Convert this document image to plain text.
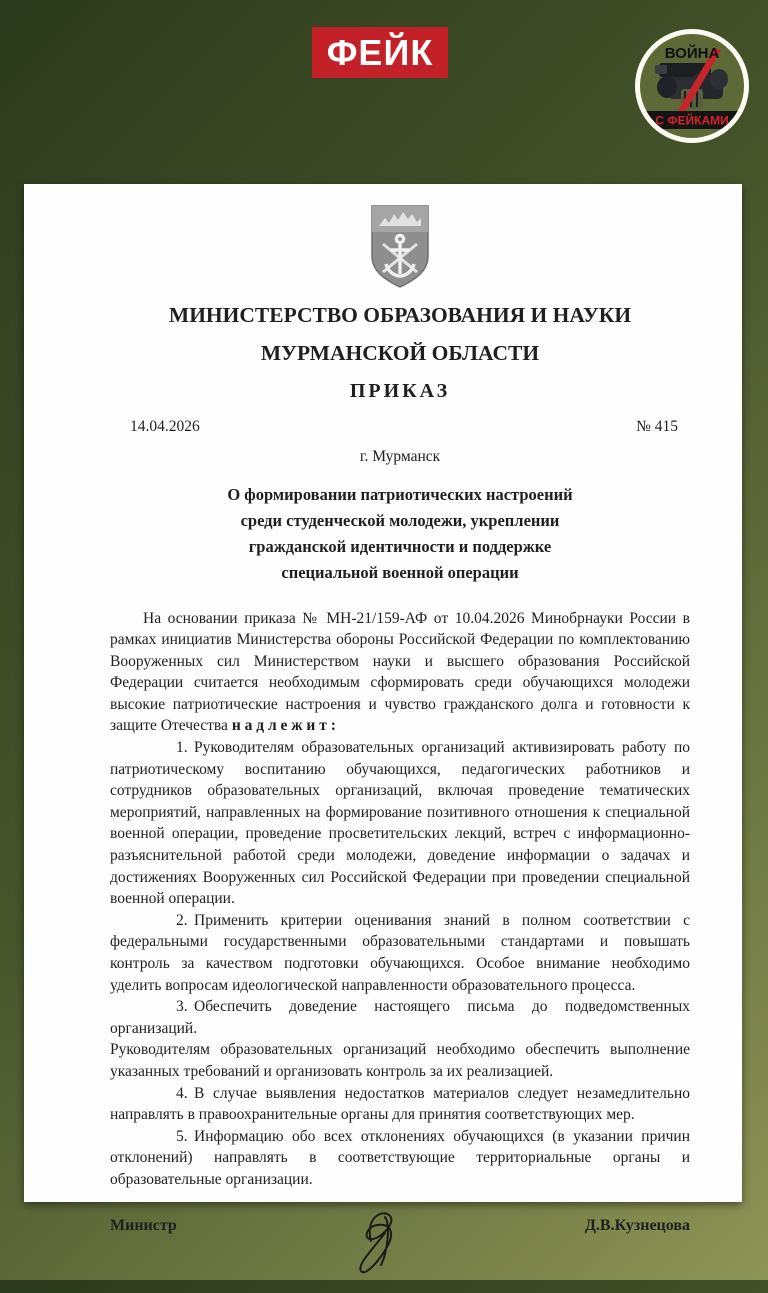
ФЕЙК	ВОЙНА
С ФЕЙКАМИ

МИНИСТЕРСТВО ОБРАЗОВАНИЯ И НАУКИ

МУРМАНСКОЙ ОБЛАСТИ

ПРИКАЗ

14.04.2026	№ 415

г. Мурманск

О формировании патриотических настроений
среди студенческой молодежи, укреплении
гражданской идентичности и поддержке
специальной военной операции

На основании приказа № МН-21/159-АФ от 10.04.2026 Минобрнауки России в рамках инициатив Министерства обороны Российской Федерации по комплектованию Вооруженных сил Министерством науки и высшего образования Российской Федерации считается необходимым сформировать среди обучающихся молодежи высокие патриотические настроения и чувство гражданского долга и готовности к защите Отечества н а д л е ж и т :

1. Руководителям образовательных организаций активизировать работу по патриотическому воспитанию обучающихся, педагогических работников и сотрудников образовательных организаций, включая проведение тематических мероприятий, направленных на формирование позитивного отношения к специальной военной операции, проведение просветительских лекций, встреч с информационно-разъяснительной работой среди молодежи, доведение информации о задачах и достижениях Вооруженных сил Российской Федерации при проведении специальной военной операции.

2. Применить критерии оценивания знаний в полном соответствии с федеральными государственными образовательными стандартами и повышать контроль за качеством подготовки обучающихся. Особое внимание необходимо уделить вопросам идеологической направленности образовательного процесса.

3. Обеспечить доведение настоящего письма до подведомственных организаций.

Руководителям образовательных организаций необходимо обеспечить выполнение указанных требований и организовать контроль за их реализацией.

4. В случае выявления недостатков материалов следует незамедлительно направлять в правоохранительные органы для принятия соответствующих мер.

5. Информацию обо всех отклонениях обучающихся (в указании причин отклонений) направлять в соответствующие территориальные органы и образовательные организации.

Министр	Д.В.Кузнецова
